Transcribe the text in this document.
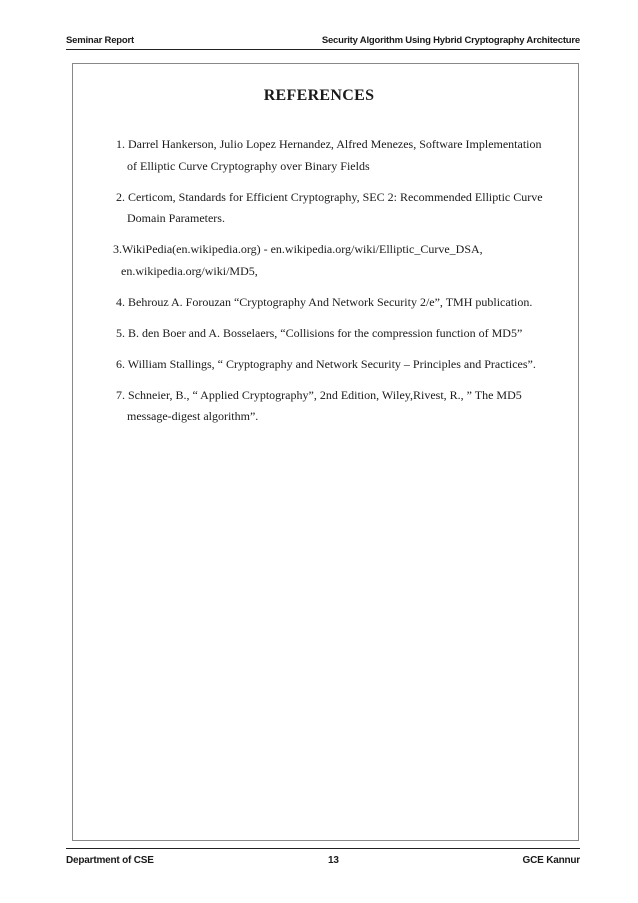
Seminar Report	Security Algorithm Using Hybrid Cryptography Architecture
REFERENCES
1. Darrel Hankerson, Julio Lopez Hernandez, Alfred Menezes, Software Implementation
of Elliptic Curve Cryptography over Binary Fields
2. Certicom, Standards for Efficient Cryptography, SEC 2: Recommended Elliptic Curve
Domain Parameters.
3.WikiPedia(en.wikipedia.org) - en.wikipedia.org/wiki/Elliptic_Curve_DSA,
en.wikipedia.org/wiki/MD5,
4. Behrouz A. Forouzan “Cryptography And Network Security 2/e”, TMH publication.
5. B. den Boer and A. Bosselaers, “Collisions for the compression function of MD5”
6. William Stallings, “ Cryptography and Network Security – Principles and Practices”.
7. Schneier, B., “ Applied Cryptography”, 2nd Edition, Wiley,Rivest, R., ” The MD5
message-digest algorithm”.
Department of CSE	13	GCE Kannur
